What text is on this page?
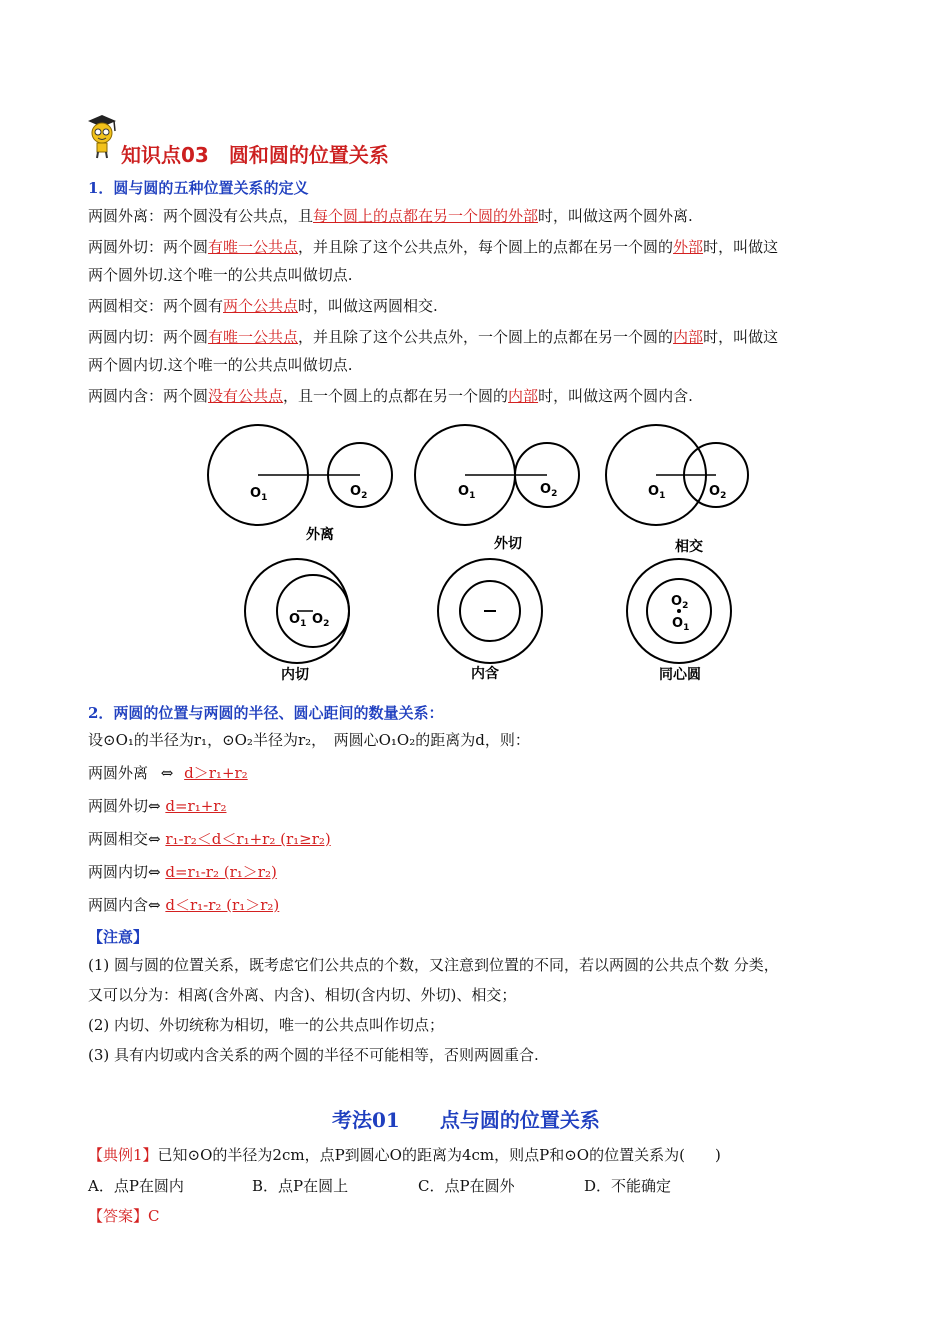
知识点03　圆和圆的位置关系
1．圆与圆的五种位置关系的定义
两圆外离：两个圆没有公共点，且每个圆上的点都在另一个圆的外部时，叫做这两个圆外离.
两圆外切：两个圆有唯一公共点，并且除了这个公共点外，每个圆上的点都在另一个圆的外部时，叫做这
两个圆外切.这个唯一的公共点叫做切点.
两圆相交：两个圆有两个公共点时，叫做这两圆相交.
两圆内切：两个圆有唯一公共点，并且除了这个公共点外，一个圆上的点都在另一个圆的内部时，叫做这
两个圆内切.这个唯一的公共点叫做切点.
两圆内含：两个圆没有公共点，且一个圆上的点都在另一个圆的内部时，叫做这两个圆内含.
$O_1$	$O_2$	$O_1$	$O_2$	$O_1$	$O_2$
$O_1$ $O_2$
$O_2$
$O_1$
外离
外切	相交
内切	内含	同心圆
2．两圆的位置与两圆的半径、圆心距间的数量关系：
设⊙O₁的半径为r₁，⊙O₂半径为r₂，　两圆心O₁O₂的距离为d，则：
两圆外离 ⇔ d＞r₁+r₂
两圆外切⇔ d=r₁+r₂
两圆相交⇔ r₁-r₂＜d＜r₁+r₂ (r₁≥r₂)
两圆内切⇔ d=r₁-r₂ (r₁＞r₂)
两圆内含⇔ d＜r₁-r₂ (r₁＞r₂)
【注意】
(1) 圆与圆的位置关系，既考虑它们公共点的个数，又注意到位置的不同，若以两圆的公共点个数 分类，
又可以分为：相离(含外离、内含)、相切(含内切、外切)、相交；
(2) 内切、外切统称为相切，唯一的公共点叫作切点；
(3) 具有内切或内含关系的两个圆的半径不可能相等，否则两圆重合.
考法01　　点与圆的位置关系
【典例1】已知⊙O的半径为2cm，点P到圆心O的距离为4cm，则点P和⊙O的位置关系为(　　)
A．点P在圆内	B．点P在圆上	C．点P在圆外	D．不能确定
【答案】C
